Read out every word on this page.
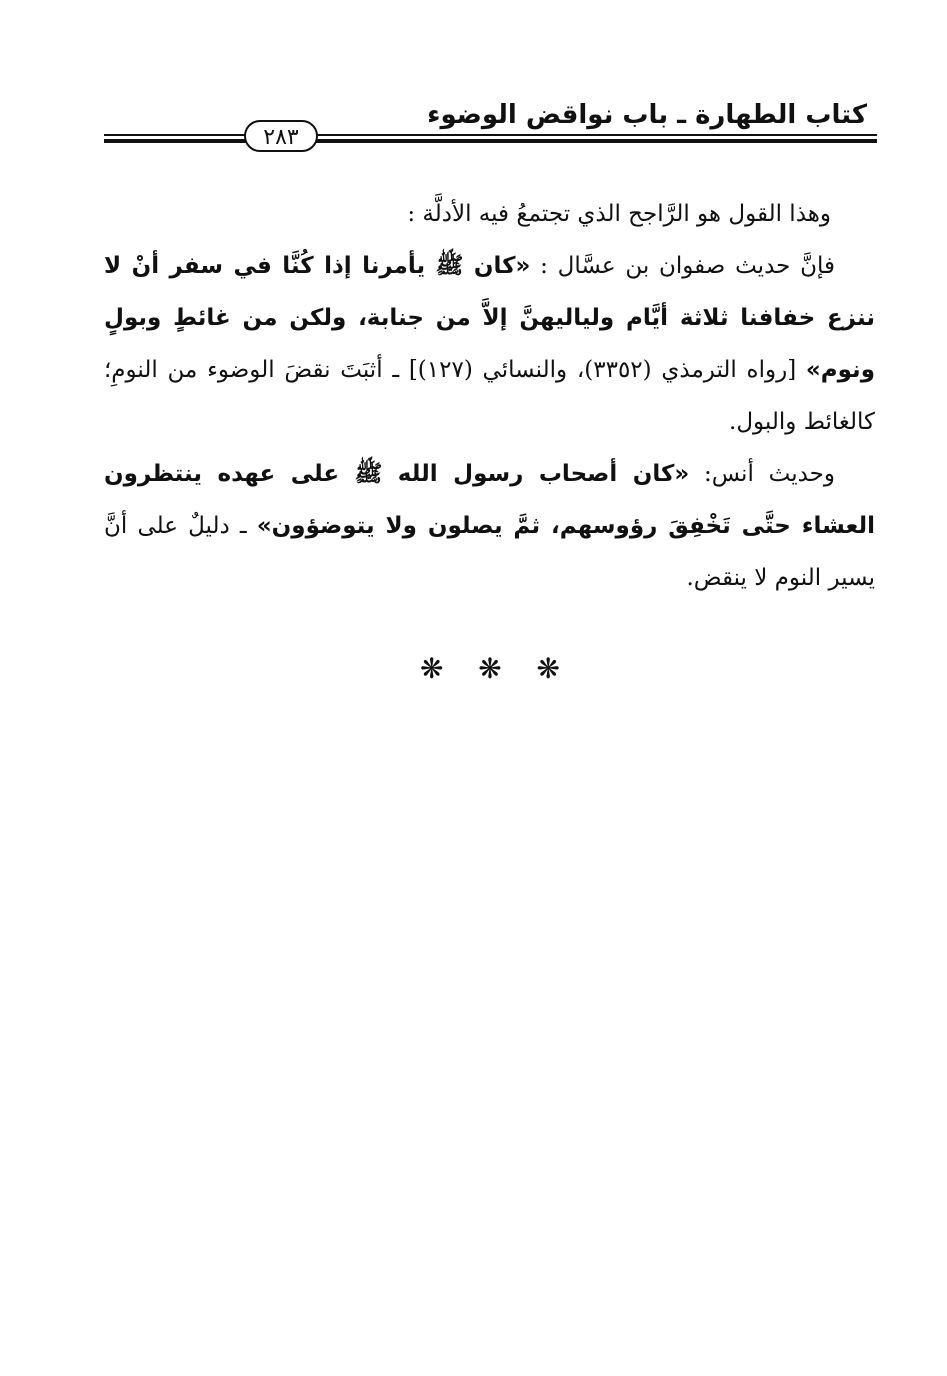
كتاب الطهارة ـ باب نواقض الوضوء
٢٨٣

وهذا القول هو الرَّاجح الذي تجتمعُ فيه الأدلَّة :

فإنَّ حديث صفوان بن عسَّال : «كان ﷺ يأمرنا إذا كُنَّا في سفر أنْ لا ننزع خفافنا ثلاثة أيَّام ولياليهنَّ إلاَّ من جنابة، ولكن من غائطٍ وبولٍ ونوم» [رواه الترمذي (٣٣٥٢)، والنسائي (١٢٧)] ـ أثبَتَ نقضَ الوضوء من النومِ؛ كالغائط والبول.

وحديث أنس: «كان أصحاب رسول الله ﷺ على عهده ينتظرون العشاء حتَّى تَخْفِقَ رؤوسهم، ثمَّ يصلون ولا يتوضؤون» ـ دليلٌ على أنَّ يسير النوم لا ينقض.

❋ ❋ ❋
